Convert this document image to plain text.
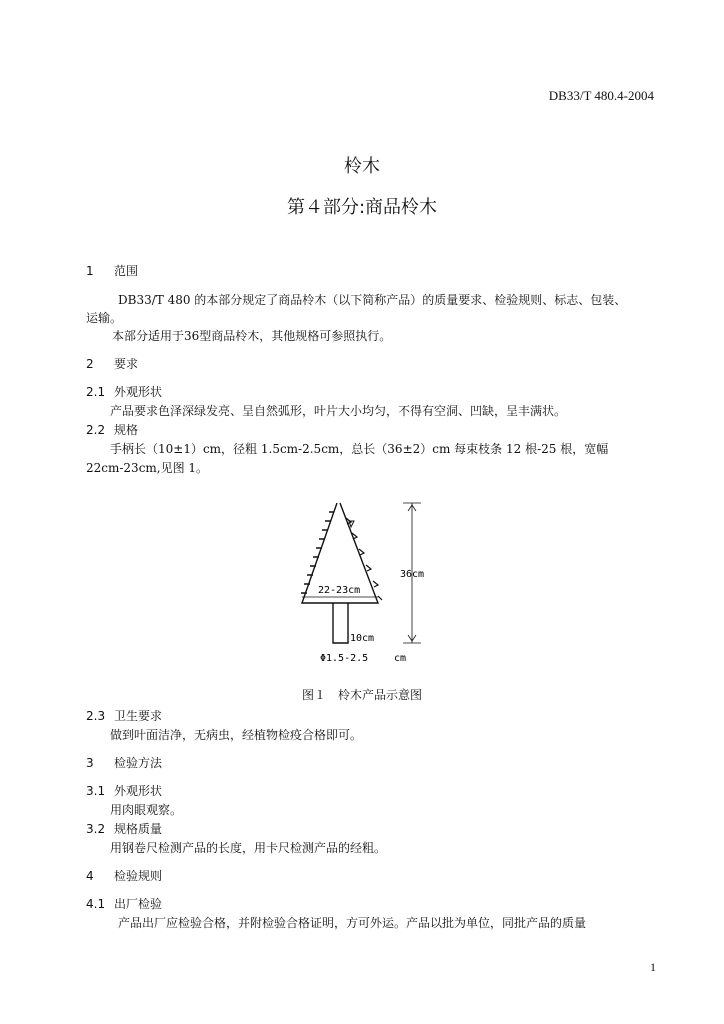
DB33/T 480.4-2004
柃木
第４部分:商品柃木
1 范围
DB33/T 480 的本部分规定了商品柃木（以下简称产品）的质量要求、检验规则、标志、包装、
运输。
本部分适用于36型商品柃木，其他规格可参照执行。
2 要求
2.1 外观形状
产品要求色泽深绿发亮、呈自然弧形，叶片大小均匀，不得有空洞、凹缺，呈丰满状。
2.2 规格
手柄长（10±1）cm，径粗 1.5cm-2.5cm，总长（36±2）cm 每束枝条 12 根-25 根，宽幅
22cm-23cm,见图 1。
22-23cm
36cm
10cm
Φ1.5-2.5	cm
图１　柃木产品示意图
2.3 卫生要求
做到叶面洁净，无病虫，经植物检疫合格即可。
3 检验方法
3.1 外观形状
用肉眼观察。
3.2 规格质量
用钢卷尺检测产品的长度，用卡尺检测产品的经粗。
4 检验规则
4.1 出厂检验
产品出厂应检验合格，并附检验合格证明，方可外运。产品以批为单位，同批产品的质量
1
